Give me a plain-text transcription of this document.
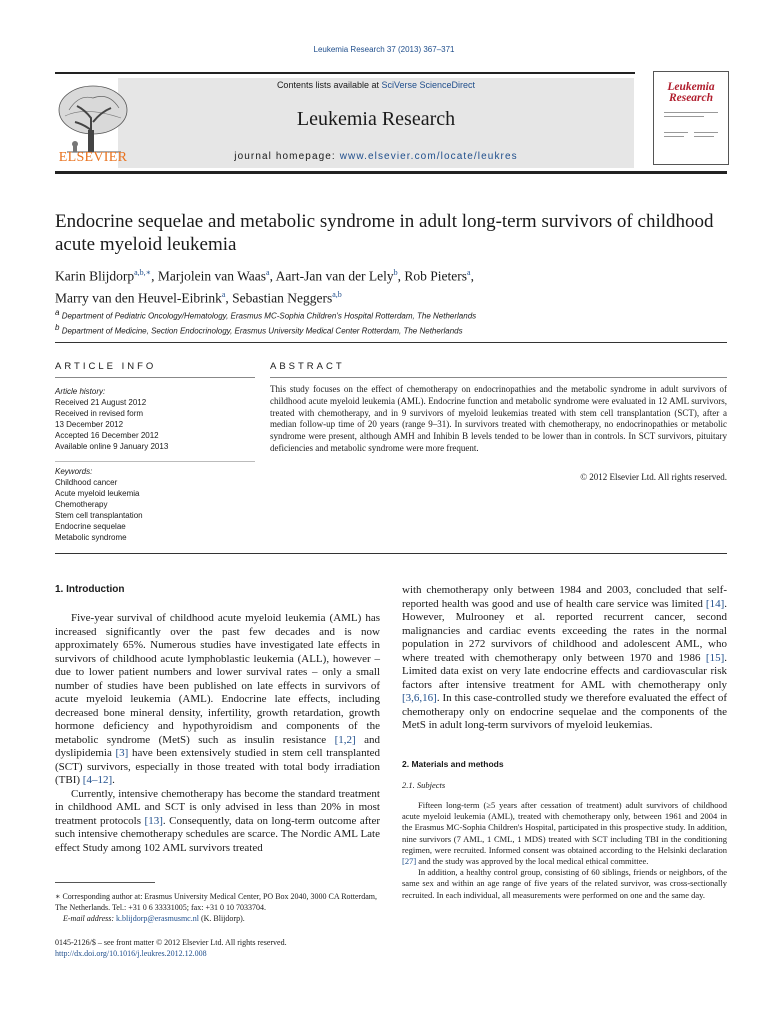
Leukemia Research 37 (2013) 367–371
Contents lists available at SciVerse ScienceDirect
Leukemia Research
journal homepage: www.elsevier.com/locate/leukres
ELSEVIER
Leukemia
Research
Endocrine sequelae and metabolic syndrome in adult long-term survivors of childhood acute myeloid leukemia
Karin Blijdorp$^{a,b,∗}$, Marjolein van Waas$^a$, Aart-Jan van der Lely$^b$, Rob Pieters$^a$,
Marry van den Heuvel-Eibrink$^a$, Sebastian Neggers$^{a,b}$
$^a$ Department of Pediatric Oncology/Hematology, Erasmus MC-Sophia Children's Hospital Rotterdam, The Netherlands
$^b$ Department of Medicine, Section Endocrinology, Erasmus University Medical Center Rotterdam, The Netherlands
ARTICLE INFO
Article history:
Received 21 August 2012
Received in revised form
13 December 2012
Accepted 16 December 2012
Available online 9 January 2013
Keywords:
Childhood cancer
Acute myeloid leukemia
Chemotherapy
Stem cell transplantation
Endocrine sequelae
Metabolic syndrome
ABSTRACT
This study focuses on the effect of chemotherapy on endocrinopathies and the metabolic syndrome in adult survivors of childhood acute myeloid leukemia (AML). Endocrine function and metabolic syndrome were evaluated in 12 AML survivors, treated with chemotherapy, and in 9 survivors of myeloid leukemias treated with stem cell transplantation (SCT), after a median follow-up time of 20 years (range 9–31). In survivors treated with chemotherapy, no endocrinopathies or metabolic syndrome were present, although AMH and Inhibin B levels tended to be lower than in controls. In SCT survivors, pituitary deficiencies and metabolic syndrome were more frequent.
© 2012 Elsevier Ltd. All rights reserved.
1. Introduction

Five-year survival of childhood acute myeloid leukemia (AML) has increased significantly over the past few decades and is now approximately 65%. Numerous studies have investigated late effects in survivors of childhood acute lymphoblastic leukemia (ALL), however – due to lower patient numbers and lower survival rates – only a small number of studies have been published on late effects in survivors of acute myeloid leukemia (AML). Endocrine late effects, including decreased bone mineral density, infertility, growth retardation, growth hormone deficiency and hypothyroidism and components of the metabolic syndrome (MetS) such as insulin resistance [1,2] and dyslipidemia [3] have been extensively studied in stem cell transplanted (SCT) survivors, especially in those treated with total body irradiation (TBI) [4–12].

Currently, intensive chemotherapy has become the standard treatment in childhood AML and SCT is only advised in less than 20% in most treatment protocols [13]. Consequently, data on long-term outcome after such intensive chemotherapy schedules are scarce. The Nordic AML Late effect Study among 102 AML survivors treated

with chemotherapy only between 1984 and 2003, concluded that self-reported health was good and use of health care service was limited [14]. However, Mulrooney et al. reported recurrent cancer, second malignancies and cardiac events exceeding the rates in the normal population in 272 survivors of childhood and adolescent AML, who where treated with chemotherapy only between 1970 and 1986 [15]. Limited data exist on very late endocrine effects and cardiovascular risk factors after intensive treatment for AML with chemotherapy only [3,6,16]. In this case-controlled study we therefore evaluated the effect of chemotherapy only on endocrine sequelae and the components of the MetS in adult long-term survivors of myeloid leukemias.
2. Materials and methods
2.1. Subjects

Fifteen long-term (≥5 years after cessation of treatment) adult survivors of childhood acute myeloid leukemia (AML), treated with chemotherapy only, between 1961 and 2004 in the Erasmus MC-Sophia Children's Hospital, participated in this prospective study. In addition, nine survivors (7 AML, 1 CML, 1 MDS) treated with SCT including TBI in the conditioning regimen, were recruited. Informed consent was obtained according to the Helsinki declaration [27] and the study was approved by the local medical ethical committee.

In addition, a healthy control group, consisting of 60 siblings, friends or neighbors, of the same sex and within an age range of five years of the related survivor, was cross-sectionally recruited. In each individual, all measurements were performed on one and the same day.

∗ Corresponding author at: Erasmus University Medical Center, PO Box 2040, 3000 CA Rotterdam, The Netherlands. Tel.: +31 0 6 33331005; fax: +31 0 10 7033704.
E-mail address: k.blijdorp@erasmusmc.nl (K. Blijdorp).
0145-2126/$ – see front matter © 2012 Elsevier Ltd. All rights reserved.
http://dx.doi.org/10.1016/j.leukres.2012.12.008
